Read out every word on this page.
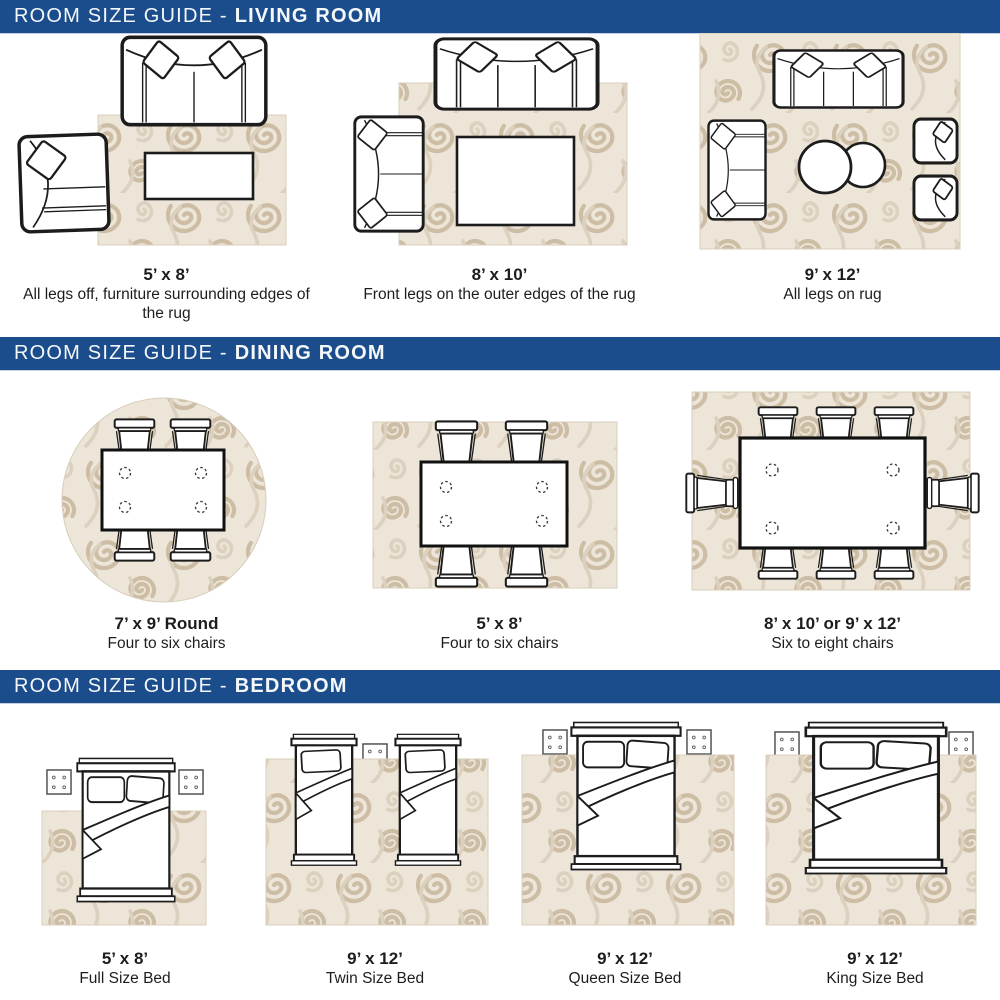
ROOM SIZE GUIDE - LIVING ROOM
5’ x 8’
All legs off, furniture surrounding edges of the rug
8’ x 10’
Front legs on the outer edges of the rug
9’ x 12’
All legs on rug
ROOM SIZE GUIDE - DINING ROOM
7’ x 9’ Round
Four to six chairs
5’ x 8’
Four to six chairs
8’ x 10’ or 9’ x 12’
Six to eight chairs
ROOM SIZE GUIDE - BEDROOM
5’ x 8’
Full Size Bed
9’ x 12’
Twin Size Bed
9’ x 12’
Queen Size Bed
9’ x 12’
King Size Bed
